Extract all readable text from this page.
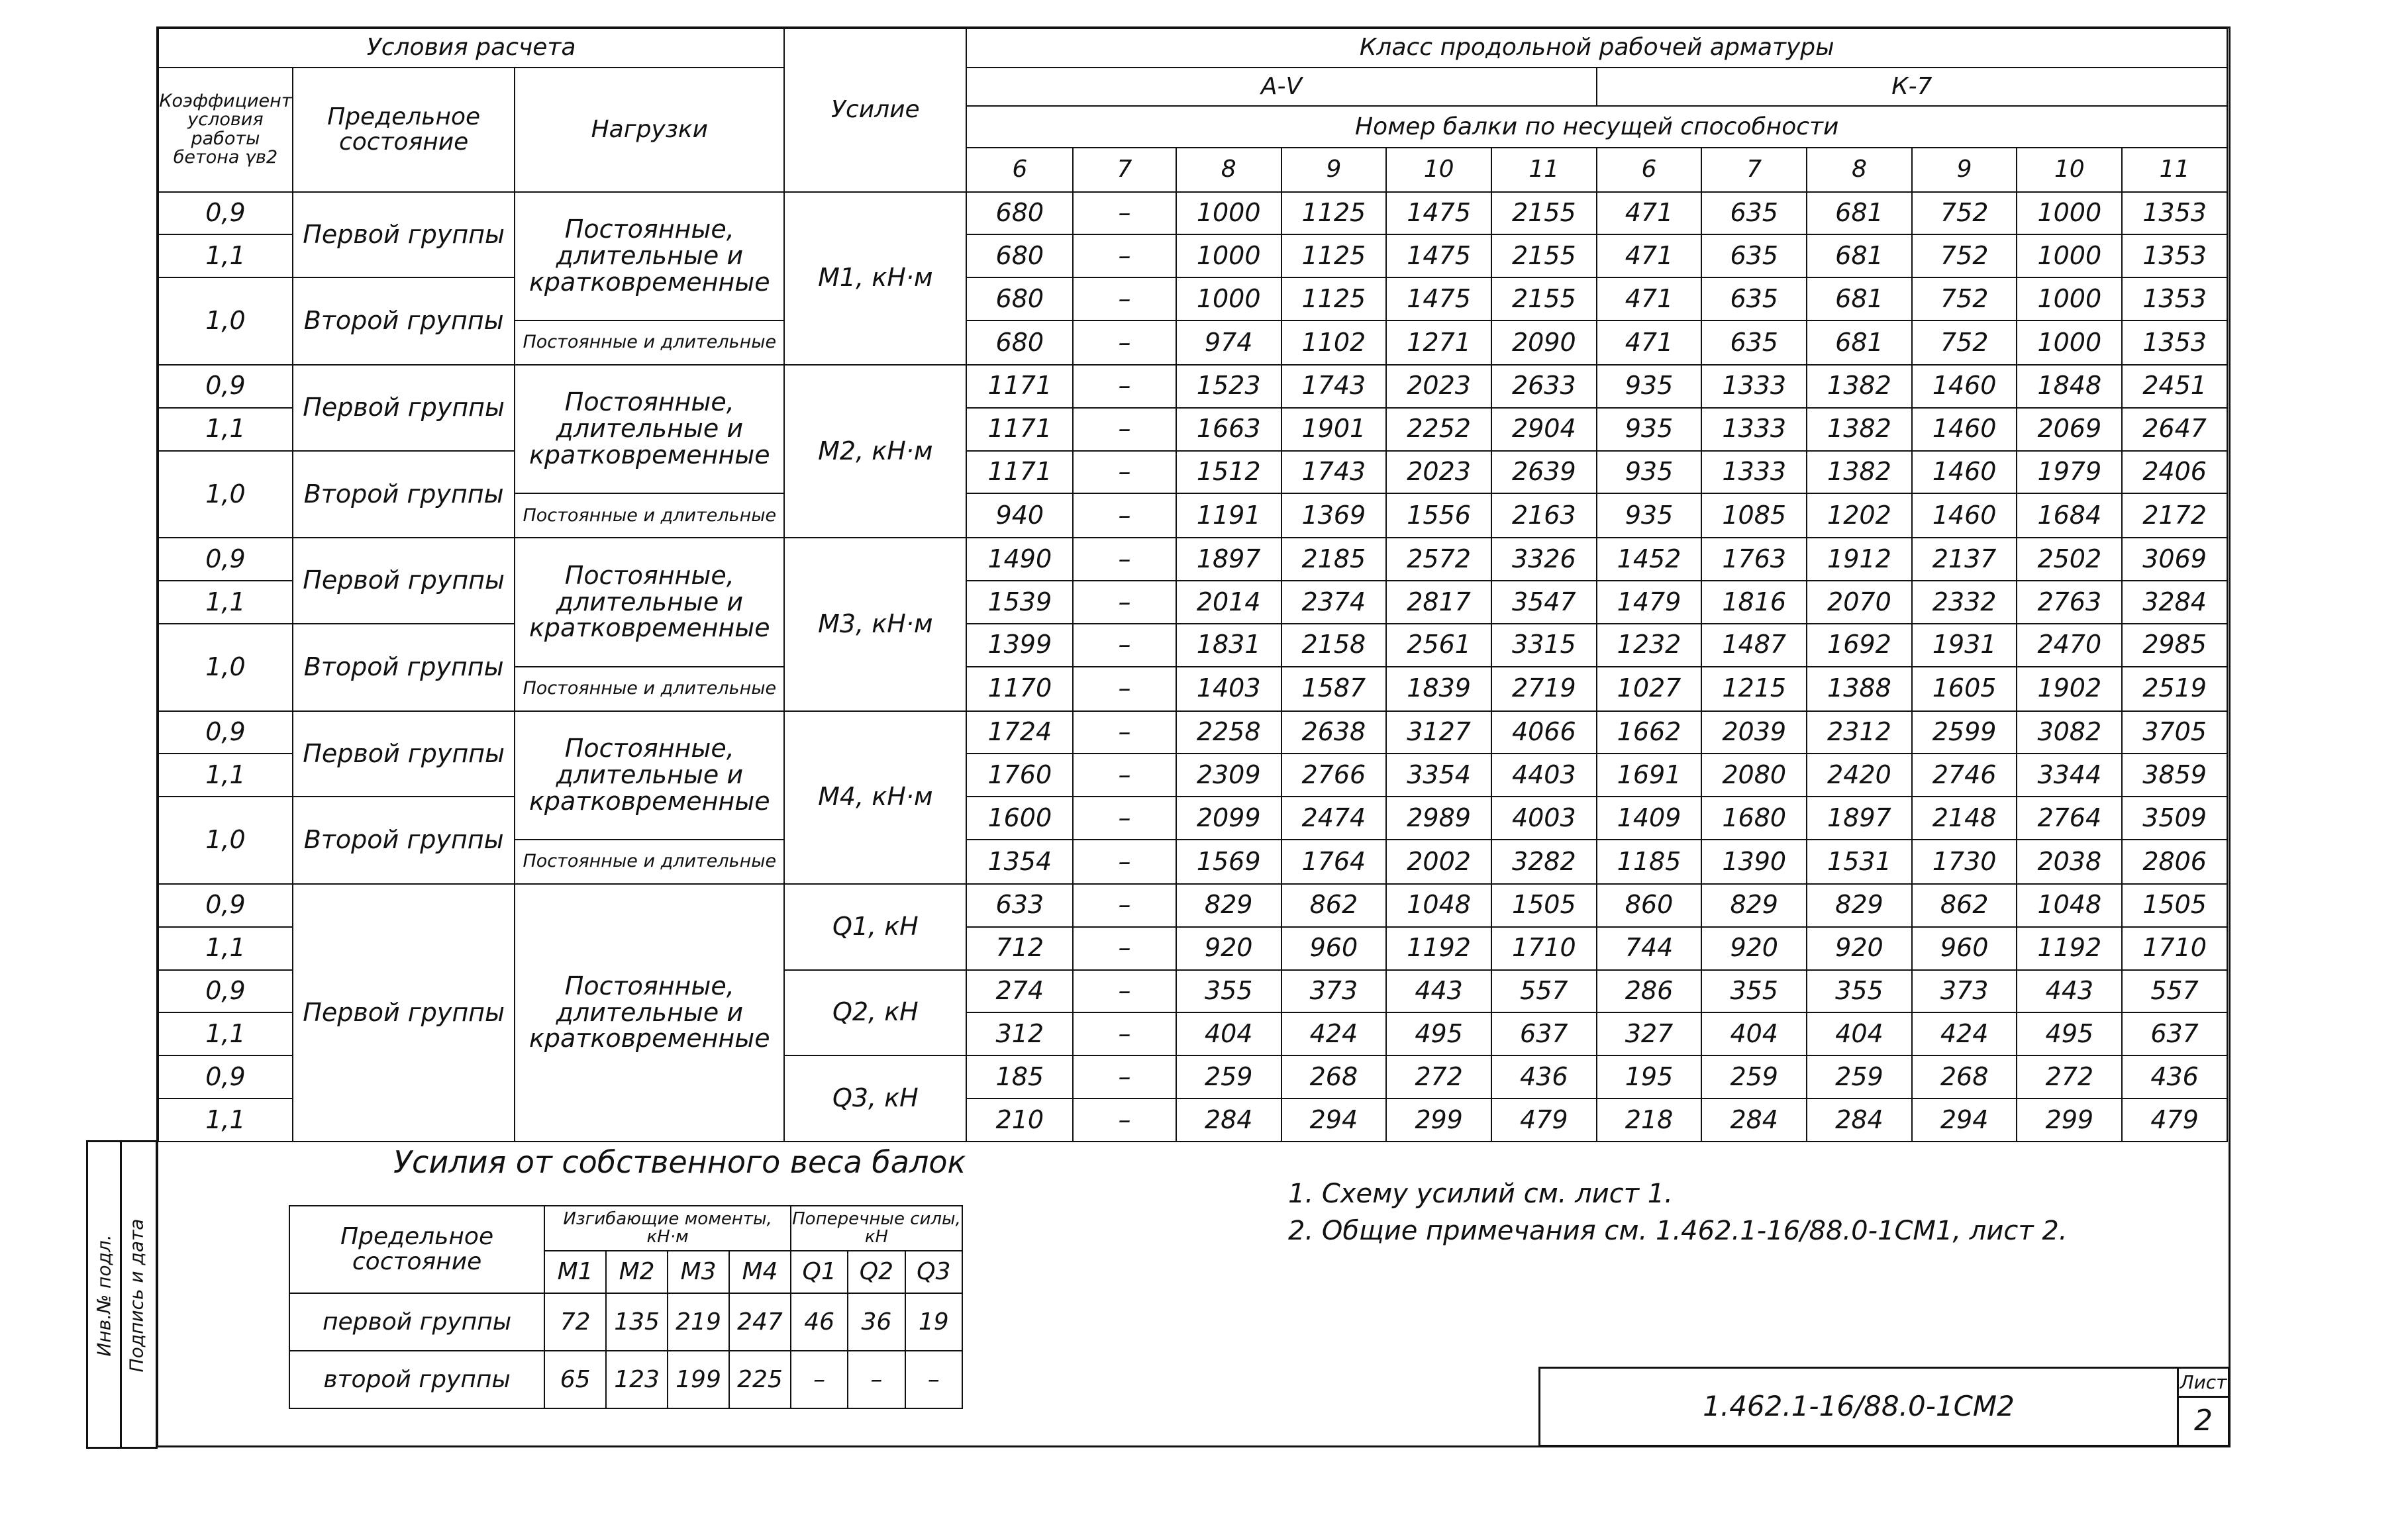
Условия расчета			Усилие	Класс продольной рабочей арматуры											
Коэффициент условия работы бетона γв2	Предельное состояние	Нагрузки		А-Ⅴ						К-7					
				Номер балки по несущей способности											
				6	7	8	9	10	11	6	7	8	9	10	11
0,9	Первой группы	Постоянные, длительные и кратковременные	M1, кН·м	680	–	1000	1125	1475	2155	471	635	681	752	1000	1353
1,1				680	–	1000	1125	1475	2155	471	635	681	752	1000	1353
1,0	Второй группы			680	–	1000	1125	1475	2155	471	635	681	752	1000	1353
		Постоянные и длительные		680	–	974	1102	1271	2090	471	635	681	752	1000	1353
0,9	Первой группы	Постоянные, длительные и кратковременные	M2, кН·м	1171	–	1523	1743	2023	2633	935	1333	1382	1460	1848	2451
1,1				1171	–	1663	1901	2252	2904	935	1333	1382	1460	2069	2647
1,0	Второй группы			1171	–	1512	1743	2023	2639	935	1333	1382	1460	1979	2406
		Постоянные и длительные		940	–	1191	1369	1556	2163	935	1085	1202	1460	1684	2172
0,9	Первой группы	Постоянные, длительные и кратковременные	M3, кН·м	1490	–	1897	2185	2572	3326	1452	1763	1912	2137	2502	3069
1,1				1539	–	2014	2374	2817	3547	1479	1816	2070	2332	2763	3284
1,0	Второй группы			1399	–	1831	2158	2561	3315	1232	1487	1692	1931	2470	2985
		Постоянные и длительные		1170	–	1403	1587	1839	2719	1027	1215	1388	1605	1902	2519
0,9	Первой группы	Постоянные, длительные и кратковременные	M4, кН·м	1724	–	2258	2638	3127	4066	1662	2039	2312	2599	3082	3705
1,1				1760	–	2309	2766	3354	4403	1691	2080	2420	2746	3344	3859
1,0	Второй группы			1600	–	2099	2474	2989	4003	1409	1680	1897	2148	2764	3509
		Постоянные и длительные		1354	–	1569	1764	2002	3282	1185	1390	1531	1730	2038	2806
0,9	Первой группы	Постоянные, длительные и кратковременные	Q1, кН	633	–	829	862	1048	1505	860	829	829	862	1048	1505
1,1				712	–	920	960	1192	1710	744	920	920	960	1192	1710
0,9			Q2, кН	274	–	355	373	443	557	286	355	355	373	443	557
1,1				312	–	404	424	495	637	327	404	404	424	495	637
0,9			Q3, кН	185	–	259	268	272	436	195	259	259	268	272	436
1,1				210	–	284	294	299	479	218	284	284	294	299	479
Усилия от собственного веса балок
Предельное состояние	Изгибающие моменты, кН·м				Поперечные силы, кН		
	M1	M2	M3	M4	Q1	Q2	Q3
первой группы	72	135	219	247	46	36	19
второй группы	65	123	199	225	–	–	–
1. Схему усилий см. лист 1.
2. Общие примечания см. 1.462.1-16/88.0-1СМ1, лист 2.
1.462.1-16/88.0-1СМ2	Лист
2
Инв.№ подл. Подпись и дата
